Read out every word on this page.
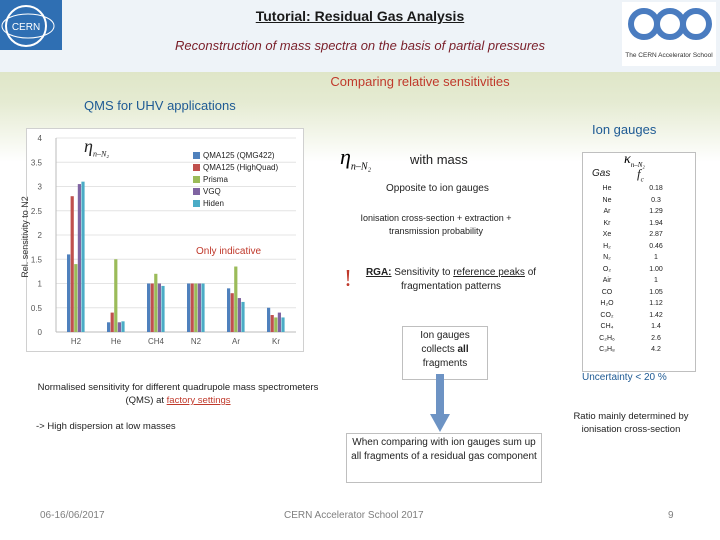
CERN
Tutorial: Residual Gas Analysis
Reconstruction of mass spectra on the basis of partial pressures
The CERN Accelerator School
Comparing relative sensitivities
QMS for UHV applications
Ion gauges
0
0.5
1
1.5
2
2.5
3
3.5
4
H2	He	CH4	N2	Ar	Kr
$\eta_{n-N_2}$	QMA125 (QMG422)
QMA125 (HighQuad)
Prisma
VGQ
Hiden
Rel. sensitivity to N2
$\eta_{n-N_2}$	with mass
Opposite to ion gauges
Ionisation cross-section + extraction + transmission probability
Only indicative
!	RGA: Sensitivity to reference peaks of fragmentation patterns
Ion gauges collects all fragments
When comparing with ion gauges sum up all fragments of a residual gas component
Normalised sensitivity for different quadrupole mass spectrometers (QMS) at factory settings
-> High dispersion at low masses
$\kappa_{n-N_2}$
Gas $f_c$
He	0.18
Ne	0.3
Ar	1.29
Kr	1.94
Xe	2.87
H₂	0.46
N₂	1
O₂	1.00
Air	1
CO	1.05
H₂O	1.12
CO₂	1.42
CH₄	1.4
C₂H₆	2.6
C₃H₈	4.2
Uncertainty < 20 %
Ratio mainly determined by ionisation cross-section
06-16/06/2017	CERN Accelerator School 2017	9
